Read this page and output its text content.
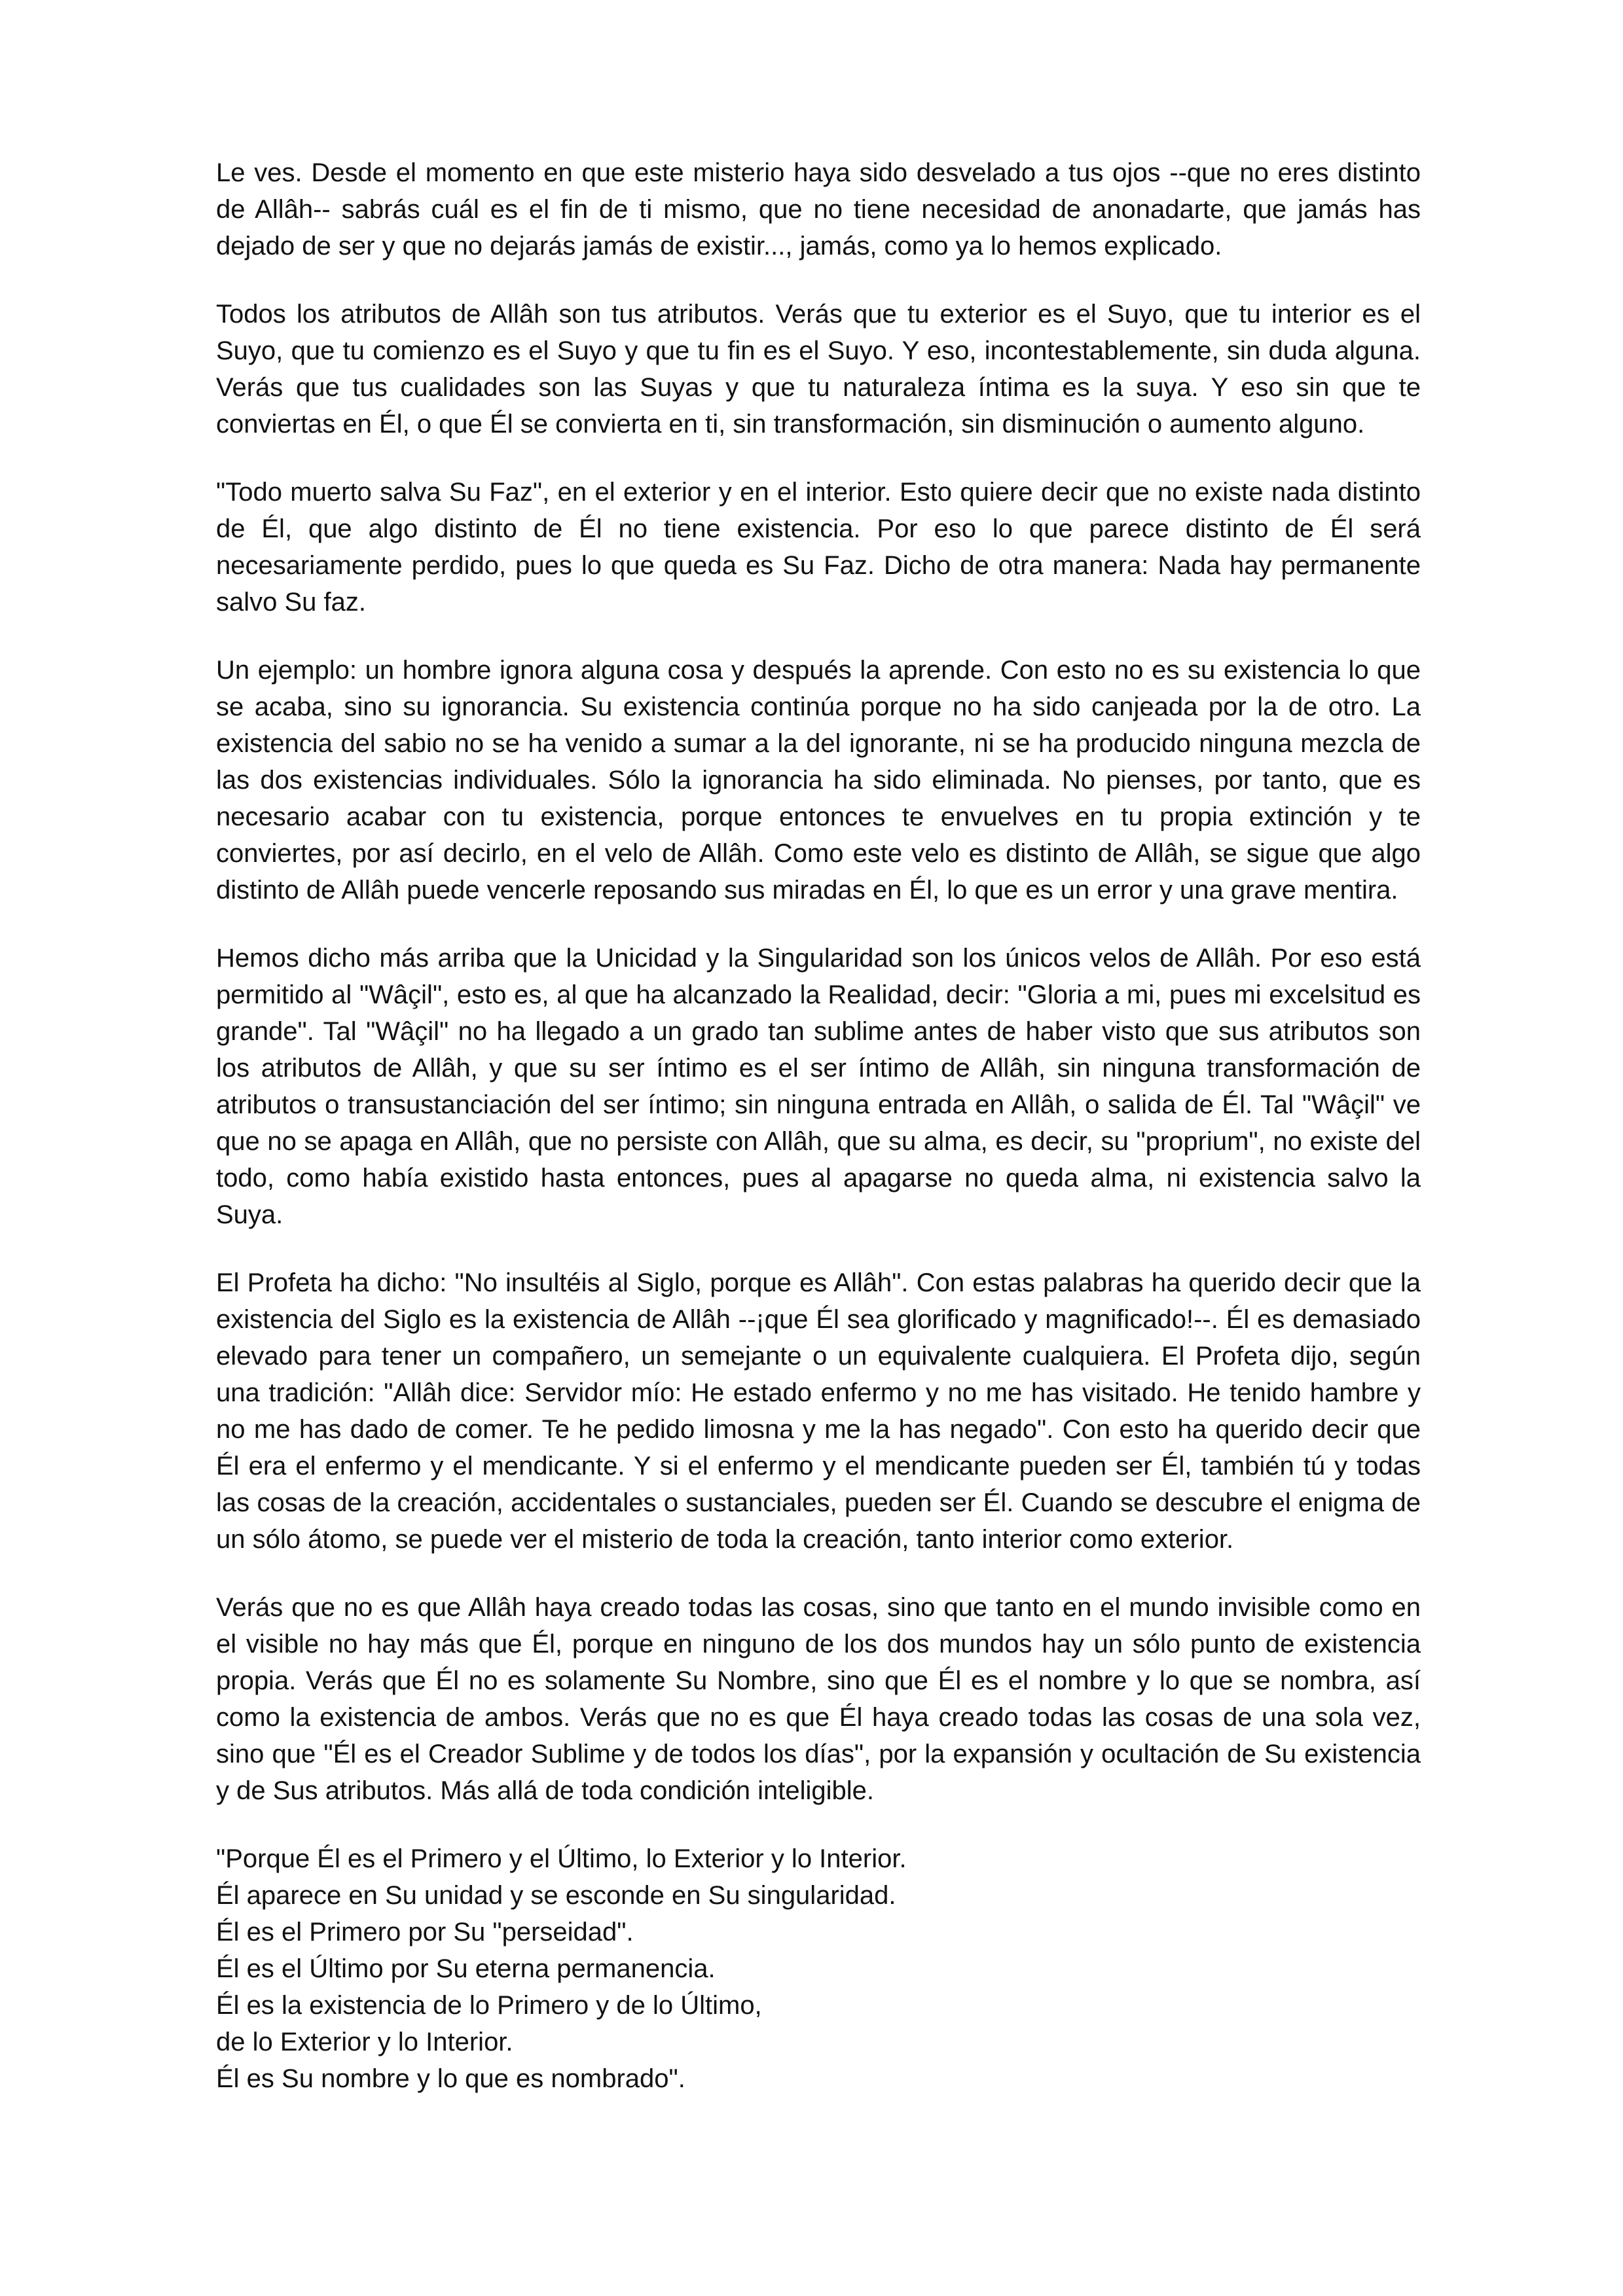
Le ves. Desde el momento en que este misterio haya sido desvelado a tus ojos --que no eres distinto de Allâh-- sabrás cuál es el fin de ti mismo, que no tiene necesidad de anonadarte, que jamás has dejado de ser y que no dejarás jamás de existir..., jamás, como ya lo hemos explicado.

Todos los atributos de Allâh son tus atributos. Verás que tu exterior es el Suyo, que tu interior es el Suyo, que tu comienzo es el Suyo y que tu fin es el Suyo. Y eso, incontestablemente, sin duda alguna. Verás que tus cualidades son las Suyas y que tu naturaleza íntima es la suya. Y eso sin que te conviertas en Él, o que Él se convierta en ti, sin transformación, sin disminución o aumento alguno.

"Todo muerto salva Su Faz", en el exterior y en el interior. Esto quiere decir que no existe nada distinto de Él, que algo distinto de Él no tiene existencia. Por eso lo que parece distinto de Él será necesariamente perdido, pues lo que queda es Su Faz. Dicho de otra manera: Nada hay permanente salvo Su faz.

Un ejemplo: un hombre ignora alguna cosa y después la aprende. Con esto no es su existencia lo que se acaba, sino su ignorancia. Su existencia continúa porque no ha sido canjeada por la de otro. La existencia del sabio no se ha venido a sumar a la del ignorante, ni se ha producido ninguna mezcla de las dos existencias individuales. Sólo la ignorancia ha sido eliminada. No pienses, por tanto, que es necesario acabar con tu existencia, porque entonces te envuelves en tu propia extinción y te conviertes, por así decirlo, en el velo de Allâh. Como este velo es distinto de Allâh, se sigue que algo distinto de Allâh puede vencerle reposando sus miradas en Él, lo que es un error y una grave mentira.

Hemos dicho más arriba que la Unicidad y la Singularidad son los únicos velos de Allâh. Por eso está permitido al "Wâçil", esto es, al que ha alcanzado la Realidad, decir: "Gloria a mi, pues mi excelsitud es grande". Tal "Wâçil" no ha llegado a un grado tan sublime antes de haber visto que sus atributos son los atributos de Allâh, y que su ser íntimo es el ser íntimo de Allâh, sin ninguna transformación de atributos o transustanciación del ser íntimo; sin ninguna entrada en Allâh, o salida de Él. Tal "Wâçil" ve que no se apaga en Allâh, que no persiste con Allâh, que su alma, es decir, su "proprium", no existe del todo, como había existido hasta entonces, pues al apagarse no queda alma, ni existencia salvo la Suya.

El Profeta ha dicho: "No insultéis al Siglo, porque es Allâh". Con estas palabras ha querido decir que la existencia del Siglo es la existencia de Allâh --¡que Él sea glorificado y magnificado!--. Él es demasiado elevado para tener un compañero, un semejante o un equivalente cualquiera. El Profeta dijo, según una tradición: "Allâh dice: Servidor mío: He estado enfermo y no me has visitado. He tenido hambre y no me has dado de comer. Te he pedido limosna y me la has negado". Con esto ha querido decir que Él era el enfermo y el mendicante. Y si el enfermo y el mendicante pueden ser Él, también tú y todas las cosas de la creación, accidentales o sustanciales, pueden ser Él. Cuando se descubre el enigma de un sólo átomo, se puede ver el misterio de toda la creación, tanto interior como exterior.

Verás que no es que Allâh haya creado todas las cosas, sino que tanto en el mundo invisible como en el visible no hay más que Él, porque en ninguno de los dos mundos hay un sólo punto de existencia propia. Verás que Él no es solamente Su Nombre, sino que Él es el nombre y lo que se nombra, así como la existencia de ambos. Verás que no es que Él haya creado todas las cosas de una sola vez, sino que "Él es el Creador Sublime y de todos los días", por la expansión y ocultación de Su existencia y de Sus atributos. Más allá de toda condición inteligible.

"Porque Él es el Primero y el Último, lo Exterior y lo Interior.
Él aparece en Su unidad y se esconde en Su singularidad.
Él es el Primero por Su "perseidad".
Él es el Último por Su eterna permanencia.
Él es la existencia de lo Primero y de lo Último,
de lo Exterior y lo Interior.
Él es Su nombre y lo que es nombrado".
